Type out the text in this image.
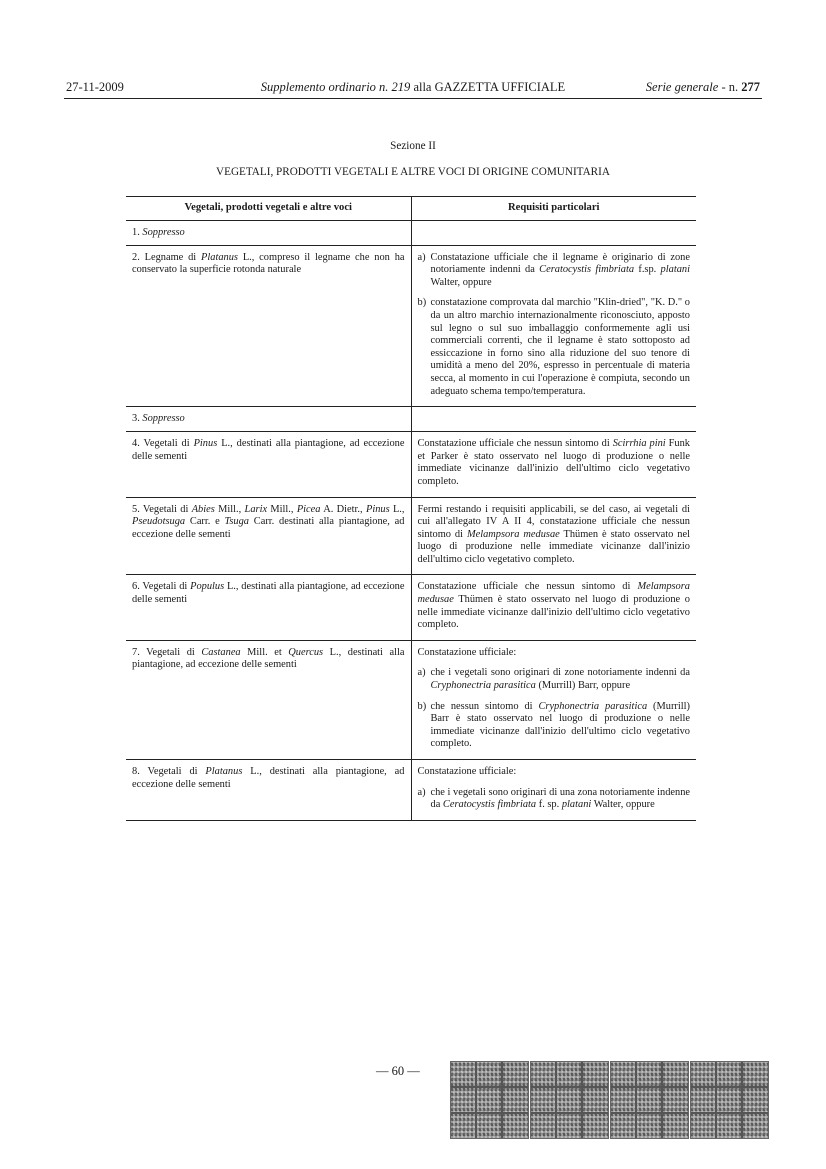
27-11-2009	Supplemento ordinario n. 219 alla GAZZETTA UFFICIALE	Serie generale - n. 277
Sezione II
VEGETALI, PRODOTTI VEGETALI E ALTRE VOCI DI ORIGINE COMUNITARIA
Vegetali, prodotti vegetali e altre voci	Requisiti particolari
1. Soppresso	

2. Legname di Platanus L., compreso il legname che non ha conservato la superficie rotonda naturale	a) Constatazione ufficiale che il legname è originario di zone notoriamente indenni da Ceratocystis fimbriata f.sp. platani Walter, oppure
b) constatazione comprovata dal marchio "Klin-dried", "K. D." o da un altro marchio internazionalmente riconosciuto, apposto sul legno o sul suo imballaggio conformemente agli usi commerciali correnti, che il legname è stato sottoposto ad essiccazione in forno sino alla riduzione del suo tenore di umidità a meno del 20%, espresso in percentuale di materia secca, al momento in cui l'operazione è compiuta, secondo un adeguato schema tempo/temperatura.

3. Soppresso	

4. Vegetali di Pinus L., destinati alla piantagione, ad eccezione delle sementi	Constatazione ufficiale che nessun sintomo di Scirrhia pini Funk et Parker è stato osservato nel luogo di produzione o nelle immediate vicinanze dall'inizio dell'ultimo ciclo vegetativo completo.

5. Vegetali di Abies Mill., Larix Mill., Picea A. Dietr., Pinus L., Pseudotsuga Carr. e Tsuga Carr. destinati alla piantagione, ad eccezione delle sementi	Fermi restando i requisiti applicabili, se del caso, ai vegetali di cui all'allegato IV A II 4, constatazione ufficiale che nessun sintomo di Melampsora medusae Thümen è stato osservato nel luogo di produzione nelle immediate vicinanze dall'inizio dell'ultimo ciclo vegetativo completo.

6. Vegetali di Populus L., destinati alla piantagione, ad eccezione delle sementi	Constatazione ufficiale che nessun sintomo di Melampsora medusae Thümen è stato osservato nel luogo di produzione o nelle immediate vicinanze dall'inizio dell'ultimo ciclo vegetativo completo.

7. Vegetali di Castanea Mill. et Quercus L., destinati alla piantagione, ad eccezione delle sementi	Constatazione ufficiale:
a) che i vegetali sono originari di zone notoriamente indenni da Cryphonectria parasitica (Murrill) Barr, oppure
b) che nessun sintomo di Cryphonectria parasitica (Murrill) Barr è stato osservato nel luogo di produzione o nelle immediate vicinanze dall'inizio dell'ultimo ciclo vegetativo completo.

8. Vegetali di Platanus L., destinati alla piantagione, ad eccezione delle sementi	Constatazione ufficiale:
a) che i vegetali sono originari di una zona notoriamente indenne da Ceratocystis fimbriata f. sp. platani Walter, oppure
— 60 —
